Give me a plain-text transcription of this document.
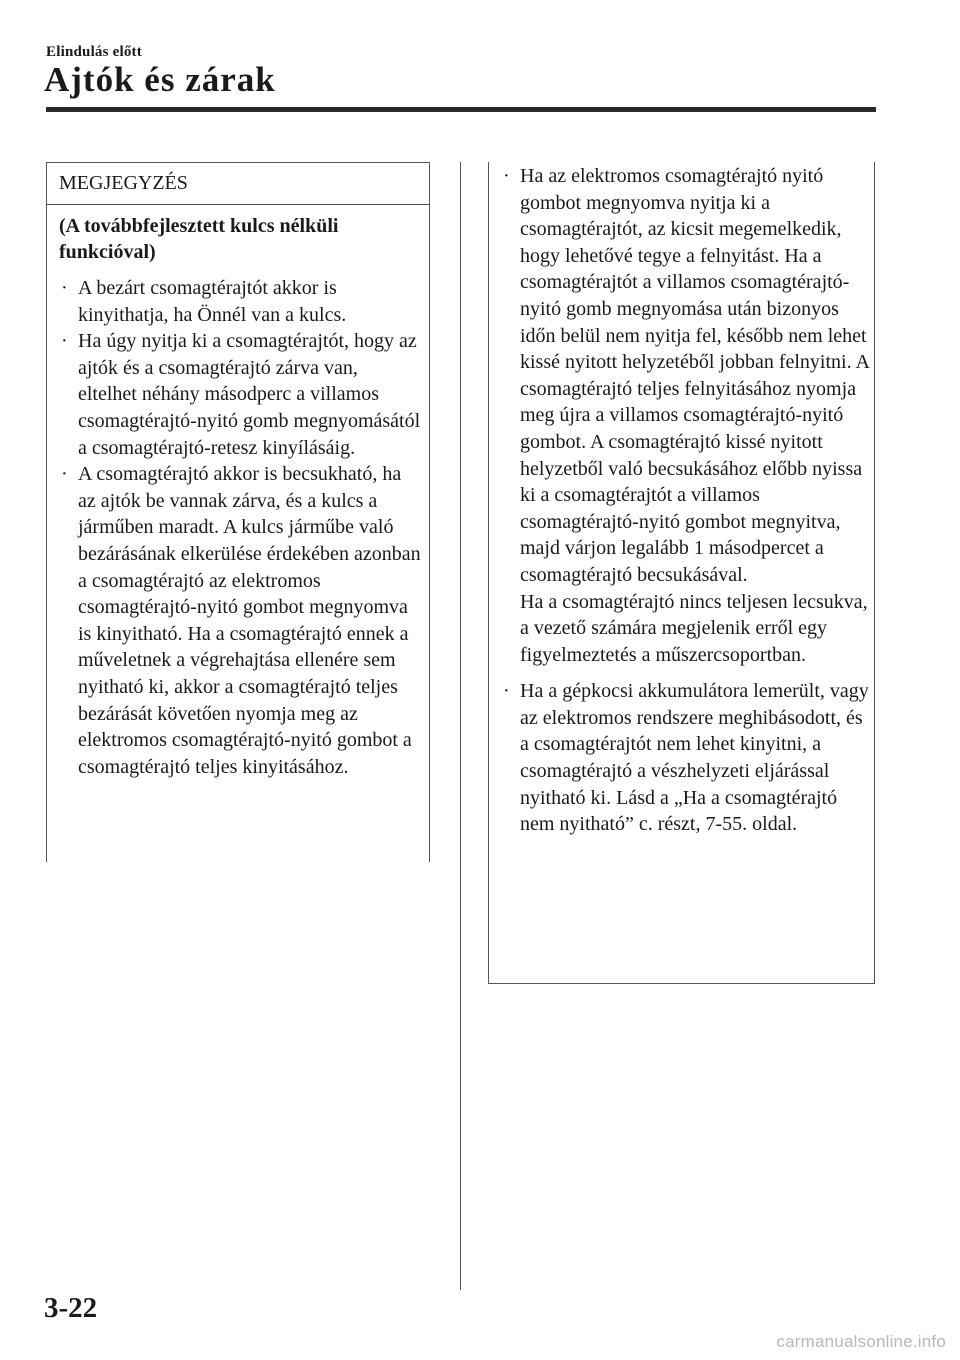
Elindulás előtt
Ajtók és zárak
MEGJEGYZÉS

(A továbbfejlesztett kulcs nélküli funkcióval)

· A bezárt csomagtérajtót akkor is kinyithatja, ha Önnél van a kulcs.
· Ha úgy nyitja ki a csomagtérajtót, hogy az ajtók és a csomagtérajtó zárva van, eltelhet néhány másodperc a villamos csomagtérajtó-nyitó gomb megnyomásától a csomagtérajtó-retesz kinyílásáig.
· A csomagtérajtó akkor is becsukható, ha az ajtók be vannak zárva, és a kulcs a járműben maradt. A kulcs járműbe való bezárásának elkerülése érdekében azonban a csomagtérajtó az elektromos csomagtérajtó-nyitó gombot megnyomva is kinyitható. Ha a csomagtérajtó ennek a műveletnek a végrehajtása ellenére sem nyitható ki, akkor a csomagtérajtó teljes bezárását követően nyomja meg az elektromos csomagtérajtó-nyitó gombot a csomagtérajtó teljes kinyitásához.
· Ha az elektromos csomagtérajtó nyitó gombot megnyomva nyitja ki a csomagtérajtót, az kicsit megemelkedik, hogy lehetővé tegye a felnyitást. Ha a csomagtérajtót a villamos csomagtérajtó-nyitó gomb megnyomása után bizonyos időn belül nem nyitja fel, később nem lehet kissé nyitott helyzetéből jobban felnyitni. A csomagtérajtó teljes felnyitásához nyomja meg újra a villamos csomagtérajtó-nyitó gombot. A csomagtérajtó kissé nyitott helyzetből való becsukásához előbb nyissa ki a csomagtérajtót a villamos csomagtérajtó-nyitó gombot megnyitva, majd várjon legalább 1 másodpercet a csomagtérajtó becsukásával.
Ha a csomagtérajtó nincs teljesen lecsukva, a vezető számára megjelenik erről egy figyelmeztetés a műszercsoportban.
· Ha a gépkocsi akkumulátora lemerült, vagy az elektromos rendszere meghibásodott, és a csomagtérajtót nem lehet kinyitni, a csomagtérajtó a vészhelyzeti eljárással nyitható ki. Lásd a „Ha a csomagtérajtó nem nyitható” c. részt, 7-55. oldal.
3-22
carmanualsonline.info
